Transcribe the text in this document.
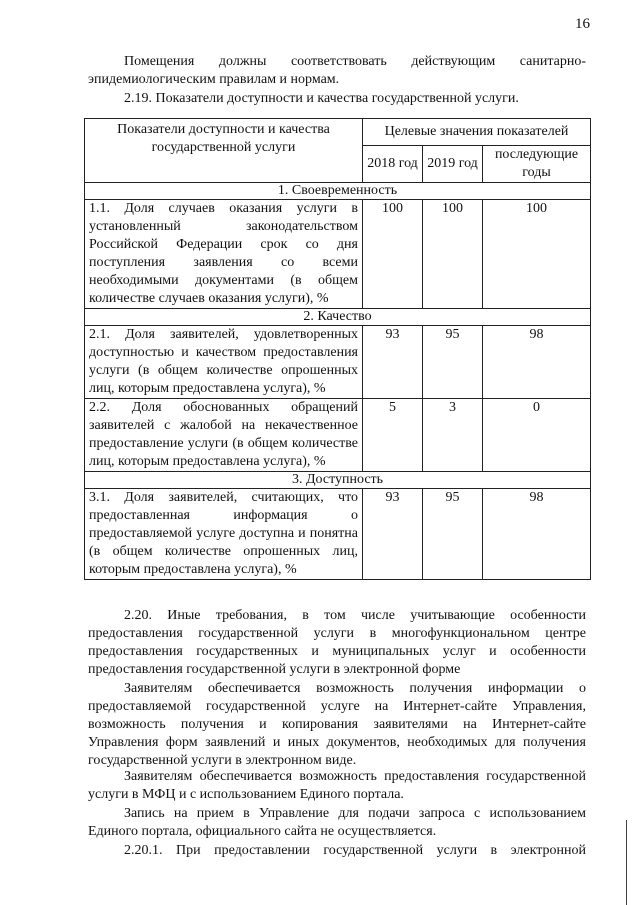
16
Помещения должны соответствовать действующим санитарно-
эпидемиологическим правилам и нормам.
2.19. Показатели доступности и качества государственной услуги.
Показатели доступности и качества государственной услуги	Целевые значения показателей		
	2018 год	2019 год	последующие годы
1. Своевременность			
1.1. Доля случаев оказания услуги в установленный законодательством Российской Федерации срок со дня поступления заявления со всеми необходимыми документами (в общем количестве случаев оказания услуги), %	100	100	100
2. Качество			
2.1. Доля заявителей, удовлетворенных доступностью и качеством предоставления услуги (в общем количестве опрошенных лиц, которым предоставлена услуга), %	93	95	98
2.2. Доля обоснованных обращений заявителей с жалобой на некачественное предоставление услуги (в общем количестве лиц, которым предоставлена услуга), %	5	3	0
3. Доступность			
3.1. Доля заявителей, считающих, что предоставленная информация о предоставляемой услуге доступна и понятна (в общем количестве опрошенных лиц, которым предоставлена услуга), %	93	95	98
2.20. Иные требования, в том числе учитывающие особенности предоставления государственной услуги в многофункциональном центре предоставления государственных и муниципальных услуг и особенности предоставления государственной услуги в электронной форме
Заявителям обеспечивается возможность получения информации о предоставляемой государственной услуге на Интернет-сайте Управления, возможность получения и копирования заявителями на Интернет-сайте Управления форм заявлений и иных документов, необходимых для получения государственной услуги в электронном виде.
Заявителям обеспечивается возможность предоставления государственной услуги в МФЦ и с использованием Единого портала.
Запись на прием в Управление для подачи запроса с использованием Единого портала, официального сайта не осуществляется.
2.20.1. При предоставлении государственной услуги в электронной
